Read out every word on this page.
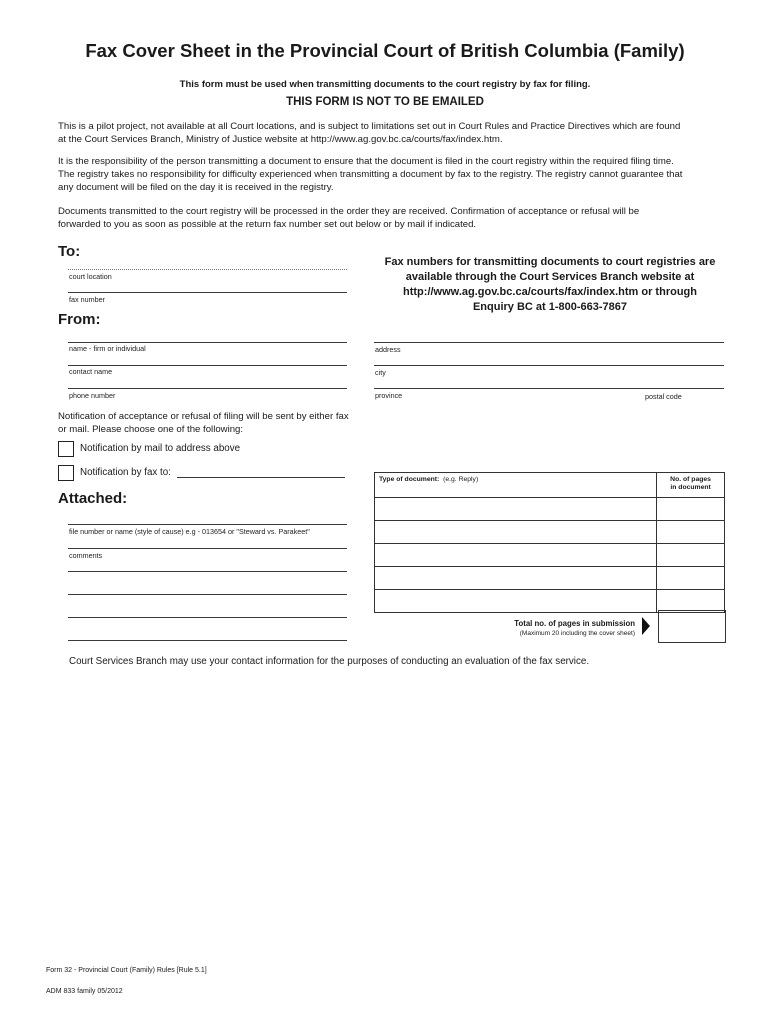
Fax Cover Sheet in the Provincial Court of British Columbia (Family)
This form must be used when transmitting documents to the court registry by fax for filing.
THIS FORM IS NOT TO BE EMAILED
This is a pilot project, not available at all Court locations, and is subject to limitations set out in Court Rules and Practice Directives which are found
at the Court Services Branch, Ministry of Justice website at http://www.ag.gov.bc.ca/courts/fax/index.htm.
It is the responsibility of the person transmitting a document to ensure that the document is filed in the court registry within the required filing time.
The registry takes no responsibility for difficulty experienced when transmitting a document by fax to the registry. The registry cannot guarantee that
any document will be filed on the day it is received in the registry.
Documents transmitted to the court registry will be processed in the order they are received. Confirmation of acceptance or refusal will be
forwarded to you as soon as possible at the return fax number set out below or by mail if indicated.
To:
court location
fax number
Fax numbers for transmitting documents to court registries are
available through the Court Services Branch website at
http://www.ag.gov.bc.ca/courts/fax/index.htm or through
Enquiry BC at 1-800-663-7867
From:
name - firm or individual
contact name
phone number
address
city
province	postal code
Notification of acceptance or refusal of filing will be sent by either fax
or mail. Please choose one of the following:
Notification by mail to address above
Notification by fax to:
Attached:
file number or name (style of cause) e.g - 013654 or "Steward vs. Parakeet"
comments
Type of document: (e.g. Reply)	No. of pages
in document

Total no. of pages in submission
(Maximum 20 including the cover sheet)
Court Services Branch may use your contact information for the purposes of conducting an evaluation of the fax service.
Form 32 - Provincial Court (Family) Rules [Rule 5.1]
ADM 833 family 05/2012
